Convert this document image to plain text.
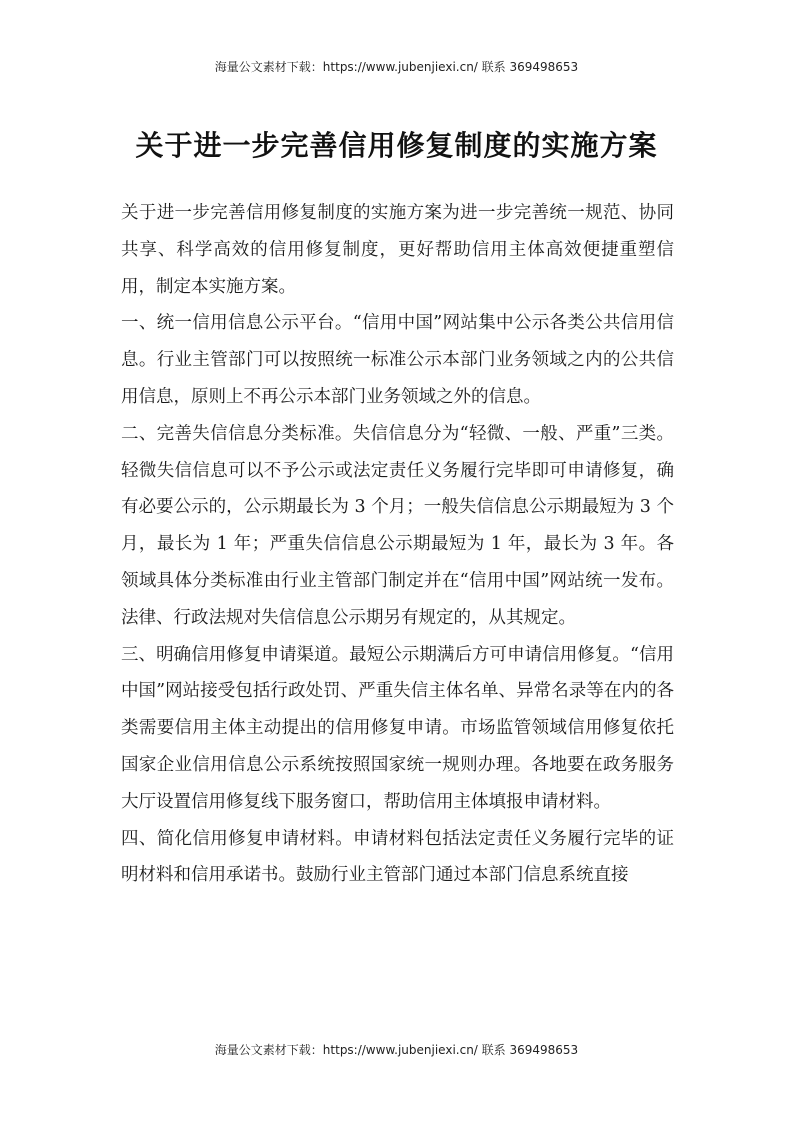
海量公文素材下载：https://www.jubenjiexi.cn/ 联系 369498653
关于进一步完善信用修复制度的实施方案

关于进一步完善信用修复制度的实施方案为进一步完善统一规范、协同共享、科学高效的信用修复制度，更好帮助信用主体高效便捷重塑信用，制定本实施方案。

一、统一信用信息公示平台。“信用中国”网站集中公示各类公共信用信息。行业主管部门可以按照统一标准公示本部门业务领域之内的公共信用信息，原则上不再公示本部门业务领域之外的信息。

二、完善失信信息分类标准。失信信息分为“轻微、一般、严重”三类。轻微失信信息可以不予公示或法定责任义务履行完毕即可申请修复，确有必要公示的，公示期最长为 3 个月；一般失信信息公示期最短为 3 个月，最长为 1 年；严重失信信息公示期最短为 1 年，最长为 3 年。各领域具体分类标准由行业主管部门制定并在“信用中国”网站统一发布。法律、行政法规对失信信息公示期另有规定的，从其规定。

三、明确信用修复申请渠道。最短公示期满后方可申请信用修复。“信用中国”网站接受包括行政处罚、严重失信主体名单、异常名录等在内的各类需要信用主体主动提出的信用修复申请。市场监管领域信用修复依托国家企业信用信息公示系统按照国家统一规则办理。各地要在政务服务大厅设置信用修复线下服务窗口，帮助信用主体填报申请材料。

四、简化信用修复申请材料。申请材料包括法定责任义务履行完毕的证明材料和信用承诺书。鼓励行业主管部门通过本部门信息系统直接

海量公文素材下载：https://www.jubenjiexi.cn/ 联系 369498653
